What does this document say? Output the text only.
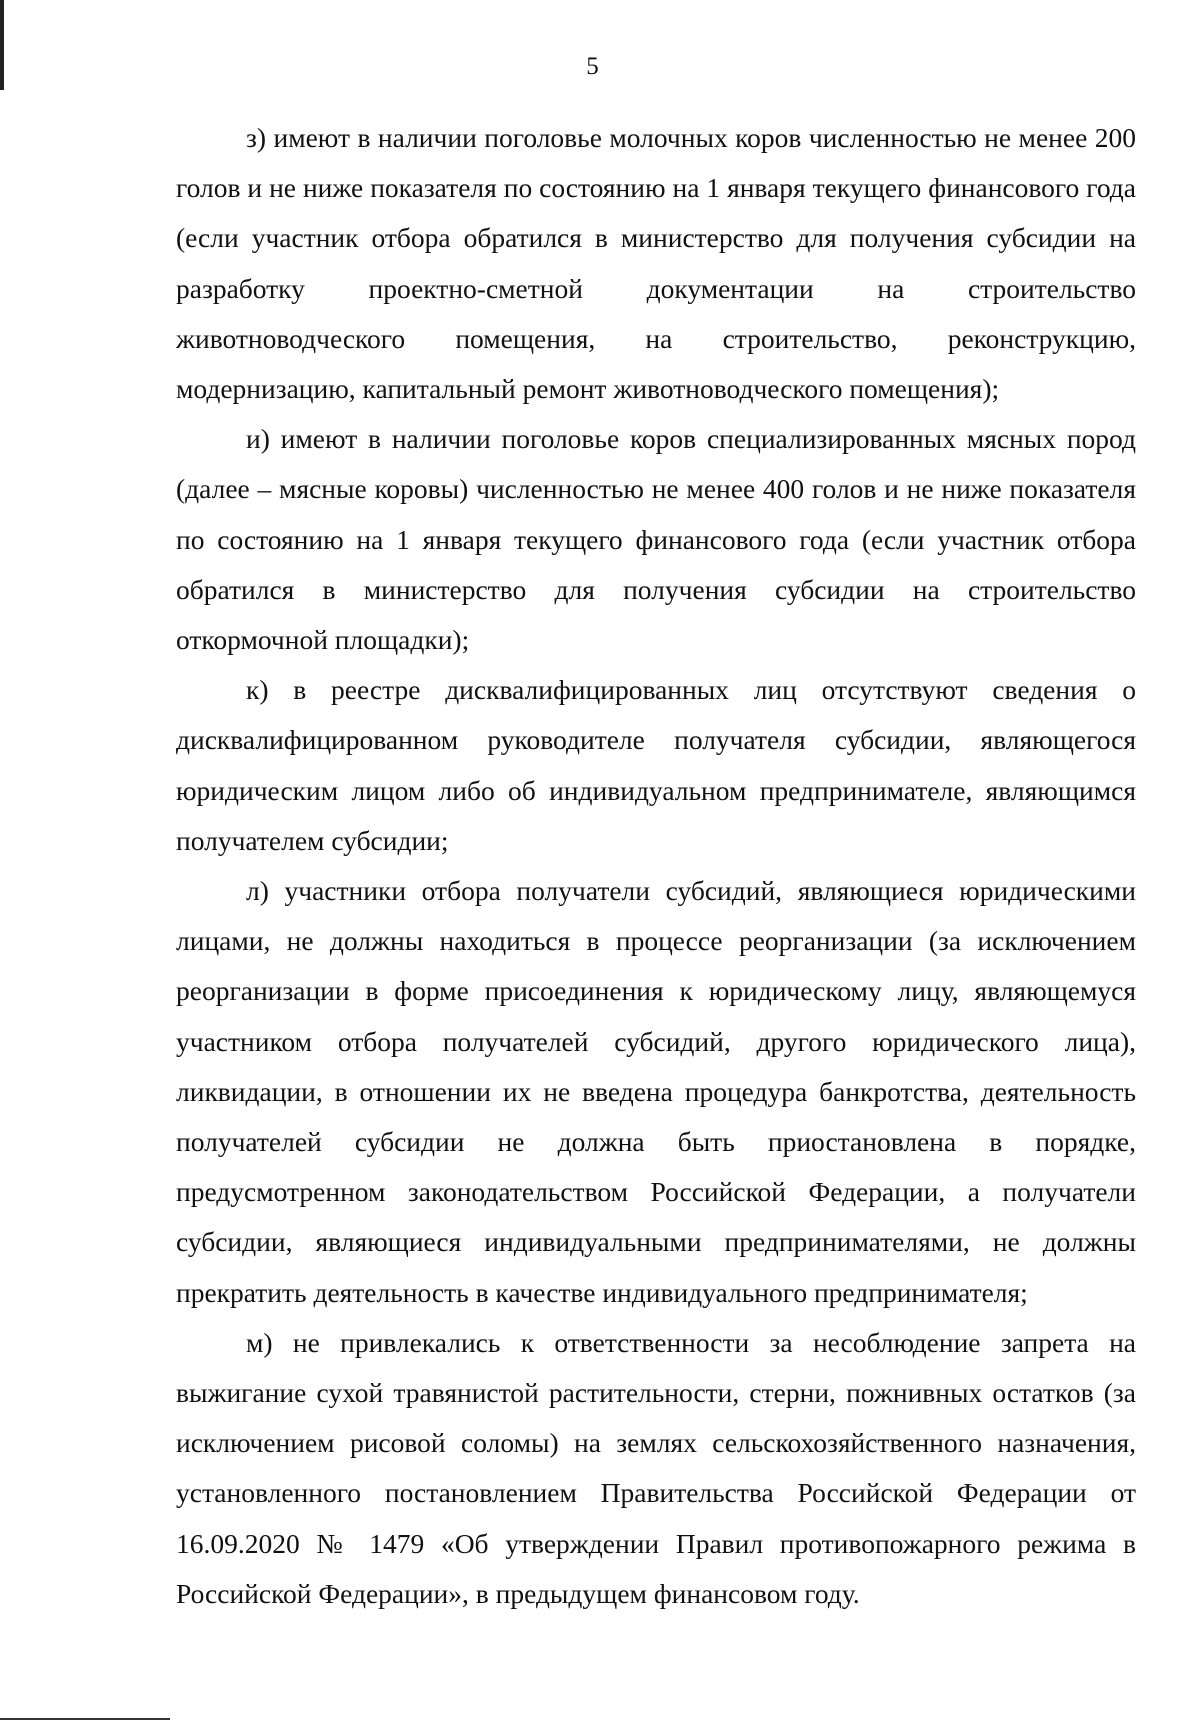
5

з) имеют в наличии поголовье молочных коров численностью не менее 200 голов и не ниже показателя по состоянию на 1 января текущего финансового года (если участник отбора обратился в министерство для получения субсидии на разработку проектно-сметной документации на строительство животноводческого помещения, на строительство, реконструкцию, модернизацию, капитальный ремонт животноводческого помещения);

и) имеют в наличии поголовье коров специализированных мясных пород (далее – мясные коровы) численностью не менее 400 голов и не ниже показателя по состоянию на 1 января текущего финансового года (если участник отбора обратился в министерство для получения субсидии на строительство откормочной площадки);

к) в реестре дисквалифицированных лиц отсутствуют сведения о дисквалифицированном руководителе получателя субсидии, являющегося юридическим лицом либо об индивидуальном предпринимателе, являющимся получателем субсидии;

л) участники отбора получатели субсидий, являющиеся юридическими лицами, не должны находиться в процессе реорганизации (за исключением реорганизации в форме присоединения к юридическому лицу, являющемуся участником отбора получателей субсидий, другого юридического лица), ликвидации, в отношении их не введена процедура банкротства, деятельность получателей субсидии не должна быть приостановлена в порядке, предусмотренном законодательством Российской Федерации, а получатели субсидии, являющиеся индивидуальными предпринимателями, не должны прекратить деятельность в качестве индивидуального предпринимателя;

м) не привлекались к ответственности за несоблюдение запрета на выжигание сухой травянистой растительности, стерни, пожнивных остатков (за исключением рисовой соломы) на землях сельскохозяйственного назначения, установленного постановлением Правительства Российской Федерации от 16.09.2020 № 1479 «Об утверждении Правил противопожарного режима в Российской Федерации», в предыдущем финансовом году.
